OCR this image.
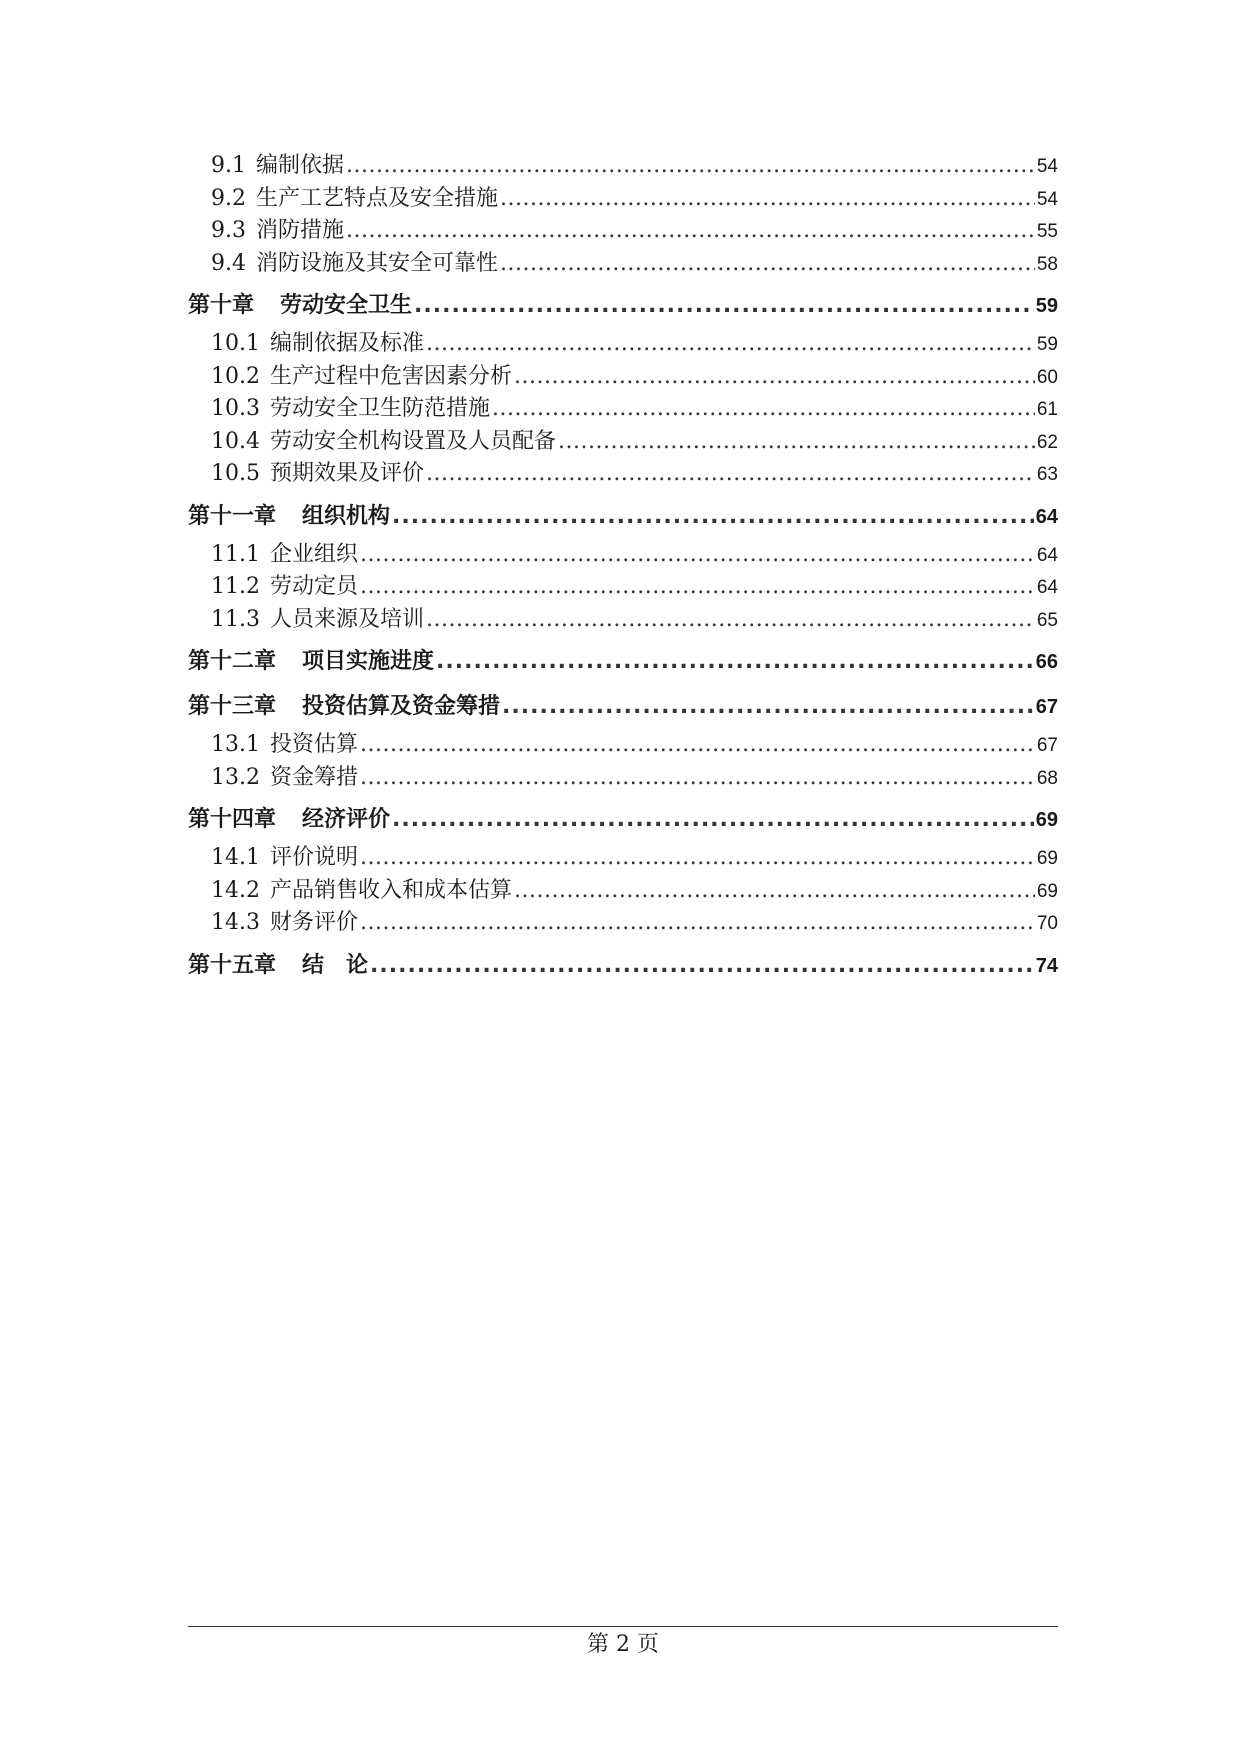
9.1 编制依据 .....	54
9.2 生产工艺特点及安全措施 .....	54
9.3 消防措施 .....	55
9.4 消防设施及其安全可靠性 .....	58
第十章 劳动安全卫生 .....	59
10.1 编制依据及标准 .....	59
10.2 生产过程中危害因素分析 .....	60
10.3 劳动安全卫生防范措施 .....	61
10.4 劳动安全机构设置及人员配备 .....	62
10.5 预期效果及评价 .....	63
第十一章 组织机构 .....	64
11.1 企业组织 .....	64
11.2 劳动定员 .....	64
11.3 人员来源及培训 .....	65
第十二章 项目实施进度 .....	66
第十三章 投资估算及资金筹措 .....	67
13.1 投资估算 .....	67
13.2 资金筹措 .....	68
第十四章 经济评价 .....	69
14.1 评价说明 .....	69
14.2 产品销售收入和成本估算 .....	69
14.3 财务评价 .....	70
第十五章 结　论 .....	74
第 2 页
